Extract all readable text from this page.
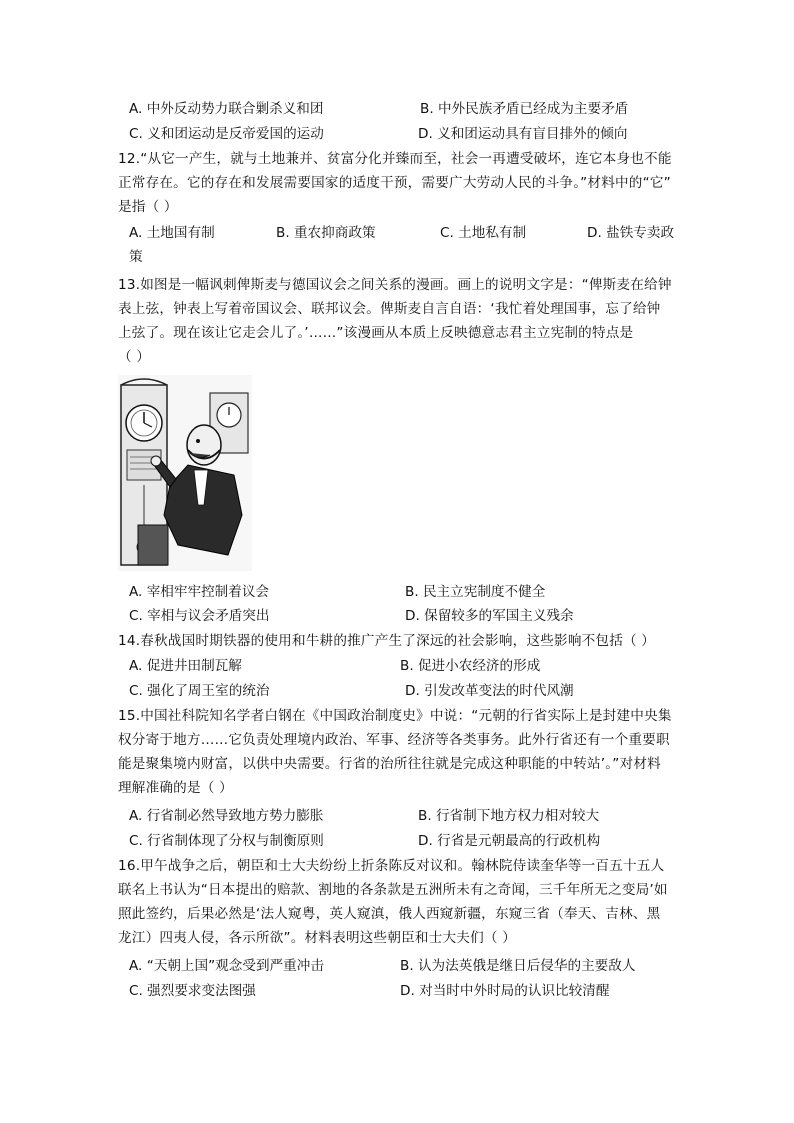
A. 中外反动势力联合剿杀义和团	B. 中外民族矛盾已经成为主要矛盾
C. 义和团运动是反帝爱国的运动	D. 义和团运动具有盲目排外的倾向
12.“从它一产生，就与土地兼并、贫富分化并臻而至，社会一再遭受破坏，连它本身也不能
正常存在。它的存在和发展需要国家的适度干预，需要广大劳动人民的斗争。”材料中的“它”
是指（ ）
A. 土地国有制	B. 重农抑商政策	C. 土地私有制	D. 盐铁专卖政
策
13.如图是一幅讽刺俾斯麦与德国议会之间关系的漫画。画上的说明文字是：“俾斯麦在给钟
表上弦，钟表上写着帝国议会、联邦议会。俾斯麦自言自语：‘我忙着处理国事，忘了给钟
上弦了。现在该让它走会儿了。’……”该漫画从本质上反映德意志君主立宪制的特点是
（ ）
A. 宰相牢牢控制着议会	B. 民主立宪制度不健全
C. 宰相与议会矛盾突出	D. 保留较多的军国主义残余
14.春秋战国时期铁器的使用和牛耕的推广产生了深远的社会影响，这些影响不包括（ ）
A. 促进井田制瓦解	B. 促进小农经济的形成
C. 强化了周王室的统治	D. 引发改革变法的时代风潮
15.中国社科院知名学者白钢在《中国政治制度史》中说：“元朝的行省实际上是封建中央集
权分寄于地方……它负责处理境内政治、军事、经济等各类事务。此外行省还有一个重要职
能是聚集境内财富，以供中央需要。行省的治所往往就是完成这种职能的中转站’。”对材料
理解准确的是（ ）
A. 行省制必然导致地方势力膨胀	B. 行省制下地方权力相对较大
C. 行省制体现了分权与制衡原则	D. 行省是元朝最高的行政机构
16.甲午战争之后，朝臣和士大夫纷纷上折条陈反对议和。翰林院侍读奎华等一百五十五人
联名上书认为“日本提出的赔款、割地的各条款是五洲所未有之奇闻，三千年所无之变局’如
照此签约，后果必然是‘法人窥粤，英人窥滇，俄人西窥新疆，东窥三省（奉天、吉林、黑
龙江）四夷人侵，各示所欲”。材料表明这些朝臣和士大夫们（ ）
A. “天朝上国”观念受到严重冲击	B. 认为法英俄是继日后侵华的主要敌人
C. 强烈要求变法图强	D. 对当时中外时局的认识比较清醒
